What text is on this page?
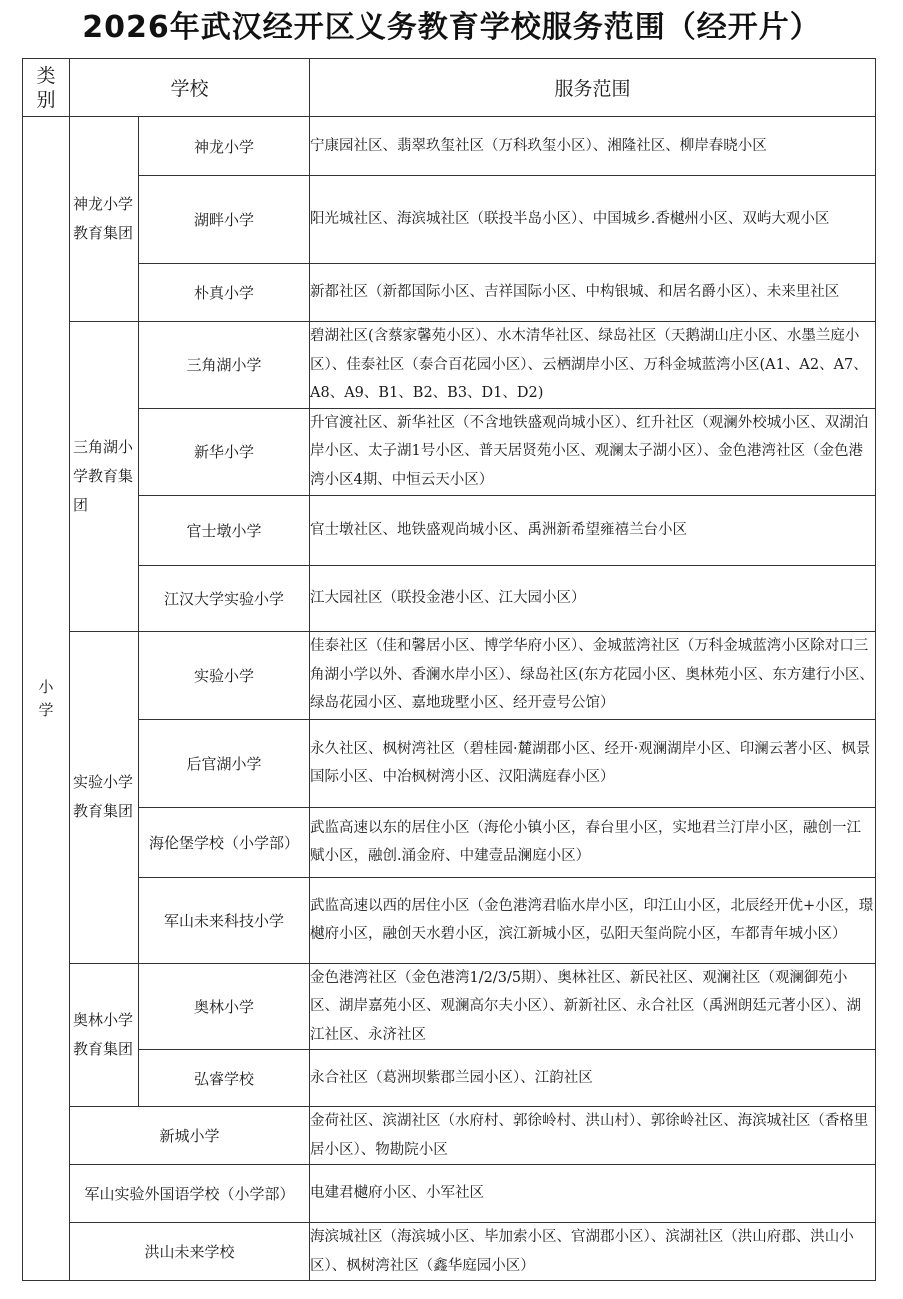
2026年武汉经开区义务教育学校服务范围（经开片）
类别	学校		服务范围
小学	神龙小学教育集团	神龙小学	宁康园社区、翡翠玖玺社区（万科玖玺小区）、湘隆社区、柳岸春晓小区
		湖畔小学	阳光城社区、海滨城社区（联投半岛小区）、中国城乡.香樾州小区、双屿大观小区
		朴真小学	新都社区（新都国际小区、吉祥国际小区、中构银城、和居名爵小区）、未来里社区
	三角湖小学教育集团	三角湖小学	碧湖社区(含蔡家馨苑小区）、水木清华社区、绿岛社区（天鹅湖山庄小区、水墨兰庭小区）、佳泰社区（泰合百花园小区）、云栖湖岸小区、万科金城蓝湾小区(A1、A2、A7、A8、A9、B1、B2、B3、D1、D2)
		新华小学	升官渡社区、新华社区（不含地铁盛观尚城小区）、红升社区（观澜外校城小区、双湖泊岸小区、太子湖1号小区、普天居贤苑小区、观澜太子湖小区）、金色港湾社区（金色港湾小区4期、中恒云天小区）
		官士墩小学	官士墩社区、地铁盛观尚城小区、禹洲新希望雍禧兰台小区
		江汉大学实验小学	江大园社区（联投金港小区、江大园小区）
	实验小学教育集团	实验小学	佳泰社区（佳和馨居小区、博学华府小区）、金城蓝湾社区（万科金城蓝湾小区除对口三角湖小学以外、香澜水岸小区）、绿岛社区(东方花园小区、奥林苑小区、东方建行小区、绿岛花园小区、嘉地珑墅小区、经开壹号公馆）
		后官湖小学	永久社区、枫树湾社区（碧桂园·麓湖郡小区、经开·观澜湖岸小区、印澜云著小区、枫景国际小区、中冶枫树湾小区、汉阳满庭春小区）
		海伦堡学校（小学部）	武监高速以东的居住小区（海伦小镇小区，春台里小区，实地君兰汀岸小区，融创一江赋小区，融创.涌金府、中建壹品澜庭小区）
		军山未来科技小学	武监高速以西的居住小区（金色港湾君临水岸小区，印江山小区，北辰经开优+小区，璟樾府小区，融创天水碧小区，滨江新城小区，弘阳天玺尚院小区，车都青年城小区）
	奥林小学教育集团	奥林小学	金色港湾社区（金色港湾1/2/3/5期）、奥林社区、新民社区、观澜社区（观澜御苑小区、湖岸嘉苑小区、观澜高尔夫小区）、新新社区、永合社区（禹洲朗廷元著小区）、湖江社区、永济社区
		弘睿学校	永合社区（葛洲坝紫郡兰园小区）、江韵社区
	新城小学		金荷社区、滨湖社区（水府村、郭徐岭村、洪山村）、郭徐岭社区、海滨城社区（香格里居小区）、物勘院小区
	军山实验外国语学校（小学部）		电建君樾府小区、小军社区
	洪山未来学校		海滨城社区（海滨城小区、毕加索小区、官湖郡小区）、滨湖社区（洪山府郡、洪山小区）、枫树湾社区（鑫华庭园小区）
